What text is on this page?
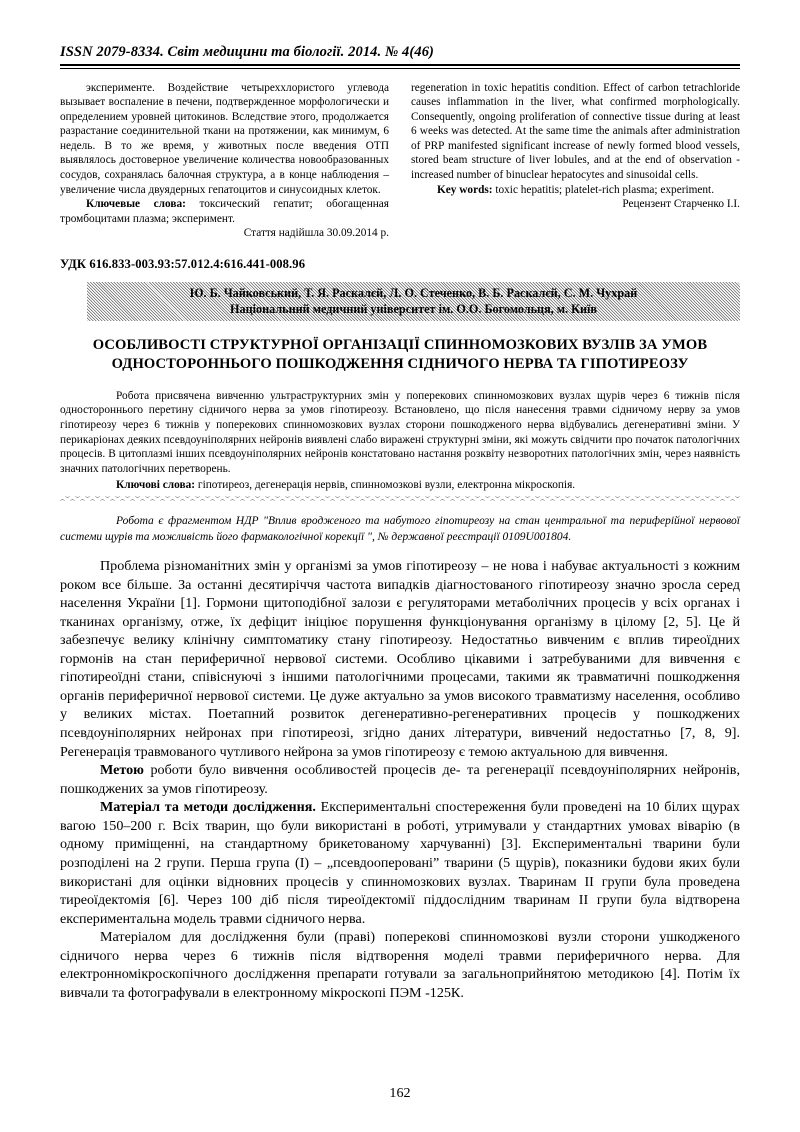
ISSN 2079-8334. Світ медицини та біології. 2014. № 4(46)

эксперименте. Воздействие четыреххлористого углевода вызывает воспаление в печени, подтвержденное морфологически и определением уровней цитокинов. Вследствие этого, продолжается разрастание соединительной ткани на протяжении, как минимум, 6 недель. В то же время, у животных после введения ОТП выявлялось достоверное увеличение количества новообразованных сосудов, сохранялась балочная структура, а в конце наблюдения – увеличение числа двуядерных гепатоцитов и синусоидных клеток.

Ключевые слова: токсический гепатит; обогащенная тромбоцитами плазма; эксперимент.

Стаття надійшла 30.09.2014 р.

regeneration in toxic hepatitis condition. Effect of carbon tetrachloride causes inflammation in the liver, what confirmed morphologically. Consequently, ongoing proliferation of connective tissue during at least 6 weeks was detected. At the same time the animals after administration of PRP manifested significant increase of newly formed blood vessels, stored beam structure of liver lobules, and at the end of observation - increased number of binuclear hepatocytes and sinusoidal cells.

Key words: toxic hepatitis; platelet-rich plasma; experiment.

Рецензент Старченко І.І.

УДК 616.833-003.93:57.012.4:616.441-008.96
Ю. Б. Чайковський, Т. Я. Раскалєй, Л. О. Стеченко, В. Б. Раскалєй, С. М. Чухрай
Національний медичний університет ім. О.О. Богомольця, м. Київ
ОСОБЛИВОСТІ СТРУКТУРНОЇ ОРГАНІЗАЦІЇ СПИННОМОЗКОВИХ ВУЗЛІВ ЗА УМОВ ОДНОСТОРОННЬОГО ПОШКОДЖЕННЯ СІДНИЧОГО НЕРВА ТА ГІПОТИРЕОЗУ
Робота присвячена вивченню ультраструктурних змін у поперекових спинномозкових вузлах щурів через 6 тижнів після одностороннього перетину сідничого нерва за умов гіпотиреозу. Встановлено, що після нанесення травми сідничому нерву за умов гіпотиреозу через 6 тижнів у поперекових спинномозкових вузлах сторони пошкодженого нерва відбувались дегенеративні зміни. У перикаріонах деяких псевдоуніполярних нейронів виявлені слабо виражені структурні зміни, які можуть свідчити про початок патологічних процесів. В цитоплазмі інших псевдоуніполярних нейронів констатовано настання розквіту незворотних патологічних змін, через наявність значних патологічних перетворень.
Ключові слова: гіпотиреоз, дегенерація нервів, спинномозкові вузли, електронна мікроскопія.
Робота є фрагментом НДР "Вплив вродженого та набутого гіпотиреозу на стан центральної та периферійної нервової системи щурів та можливість його фармакологічної корекції ", № державної реєстрації 0109U001804.

Проблема різноманітних змін у організмі за умов гіпотиреозу – не нова і набуває актуальності з кожним роком все більше. За останні десятиріччя частота випадків діагностованого гіпотиреозу значно зросла серед населення України [1]. Гормони щитоподібної залози є регуляторами метаболічних процесів у всіх органах і тканинах організму, отже, їх дефіцит ініціює порушення функціонування організму в цілому [2, 5]. Це й забезпечує велику клінічну симптоматику стану гіпотиреозу. Недостатньо вивченим є вплив тиреоїдних гормонів на стан периферичної нервової системи. Особливо цікавими і затребуваними для вивчення є гіпотиреоїдні стани, співіснуючі з іншими патологічними процесами, такими як травматичні пошкодження органів периферичної нервової системи. Це дуже актуально за умов високого травматизму населення, особливо у великих містах. Поетапний розвиток дегенеративно-регенеративних процесів у пошкоджених псевдоуніполярних нейронах при гіпотиреозі, згідно даних літератури, вивчений недостатньо [7, 8, 9]. Регенерація травмованого чутливого нейрона за умов гіпотиреозу є темою актуальною для вивчення.

Метою роботи було вивчення особливостей процесів де- та регенерації псевдоуніполярних нейронів, пошкоджених за умов гіпотиреозу.

Матеріал та методи дослідження. Експериментальні спостереження були проведені на 10 білих щурах вагою 150–200 г. Всіх тварин, що були використані в роботі, утримували у стандартних умовах віварію (в одному приміщенні, на стандартному брикетованому харчуванні) [3]. Експериментальні тварини були розподілені на 2 групи. Перша група (І) – „псевдооперовані” тварини (5 щурів), показники будови яких були використані для оцінки відновних процесів у спинномозкових вузлах. Тваринам ІІ групи була проведена тиреоїдектомія [6]. Через 100 діб після тиреоїдектомії піддослідним тваринам ІІ групи була відтворена експериментальна модель травми сідничого нерва.

Матеріалом для дослідження були (праві) поперекові спинномозкові вузли сторони ушкодженого сідничого нерва через 6 тижнів після відтворення моделі травми периферичного нерва. Для електронномікроскопічного дослідження препарати готували за загальноприйнятою методикою [4]. Потім їх вивчали та фотографували в електронному мікроскопі ПЭМ -125К.

162
